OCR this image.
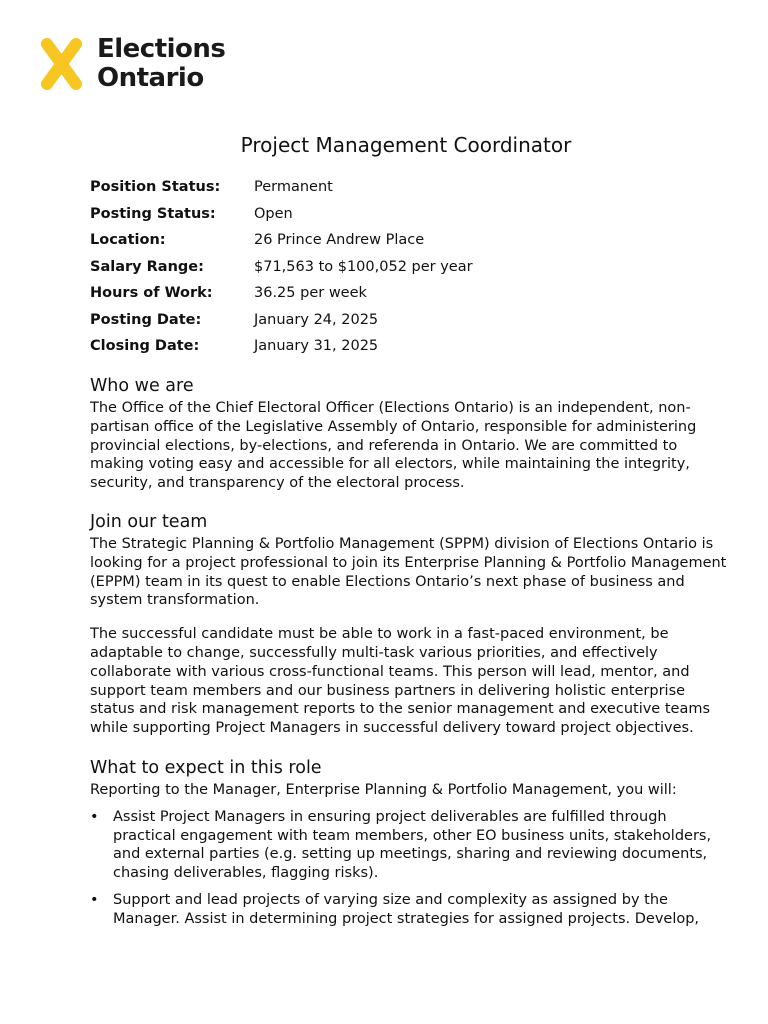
Elections
Ontario
Project Management Coordinator
Position Status:	Permanent
Posting Status:	Open
Location:	26 Prince Andrew Place
Salary Range:	$71,563 to $100,052 per year
Hours of Work:	36.25 per week
Posting Date:	January 24, 2025
Closing Date:	January 31, 2025
Who we are

The Office of the Chief Electoral Officer (Elections Ontario) is an independent, non-partisan office of the Legislative Assembly of Ontario, responsible for administering provincial elections, by-elections, and referenda in Ontario. We are committed to making voting easy and accessible for all electors, while maintaining the integrity, security, and transparency of the electoral process.

Join our team

The Strategic Planning & Portfolio Management (SPPM) division of Elections Ontario is looking for a project professional to join its Enterprise Planning & Portfolio Management (EPPM) team in its quest to enable Elections Ontario’s next phase of business and system transformation.

The successful candidate must be able to work in a fast-paced environment, be adaptable to change, successfully multi-task various priorities, and effectively collaborate with various cross-functional teams. This person will lead, mentor, and support team members and our business partners in delivering holistic enterprise status and risk management reports to the senior management and executive teams while supporting Project Managers in successful delivery toward project objectives.

What to expect in this role

Reporting to the Manager, Enterprise Planning & Portfolio Management, you will:

• Assist Project Managers in ensuring project deliverables are fulfilled through practical engagement with team members, other EO business units, stakeholders, and external parties (e.g. setting up meetings, sharing and reviewing documents, chasing deliverables, flagging risks).
• Support and lead projects of varying size and complexity as assigned by the Manager. Assist in determining project strategies for assigned projects. Develop,
